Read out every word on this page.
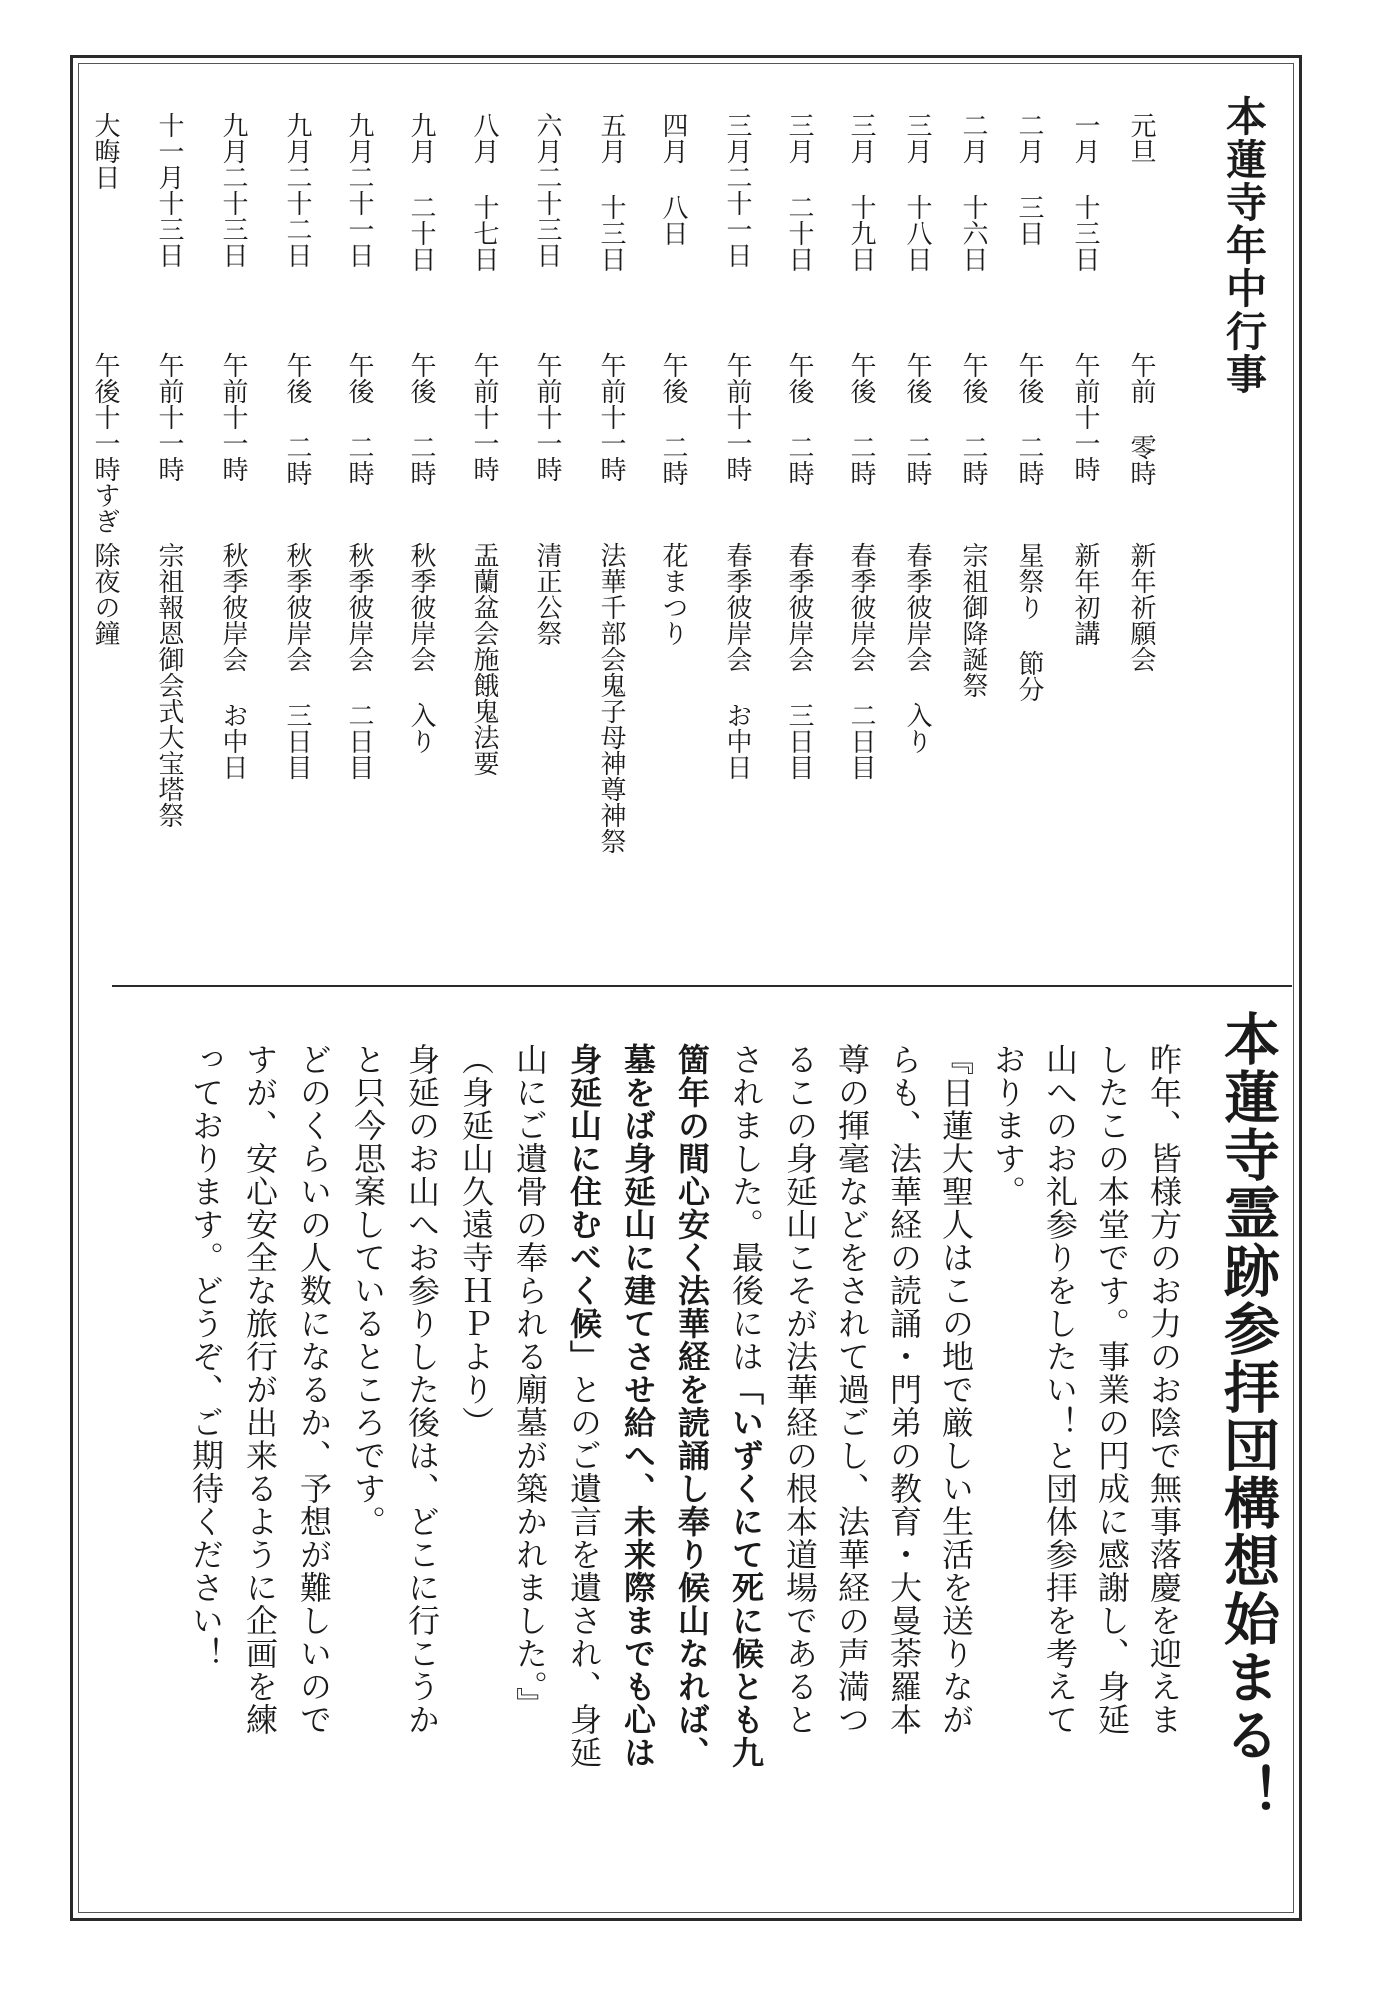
本蓮寺年中行事
元旦
午前 零時
新年祈願会
一月 十三日
午前十一時
新年初講
二月 三日
午後 二時
星祭り 節分
二月 十六日
午後 二時
宗祖御降誕祭
三月 十八日
午後 二時
春季彼岸会 入り
三月 十九日
午後 二時
春季彼岸会 二日目
三月 二十日
午後 二時
春季彼岸会 三日目
三月二十一日
午前十一時
春季彼岸会 お中日
四月 八日
午後 二時
花まつり
五月 十三日
午前十一時
法華千部会鬼子母神尊神祭
六月二十三日
午前十一時
清正公祭
八月 十七日
午前十一時
盂蘭盆会施餓鬼法要
九月 二十日
午後 二時
秋季彼岸会 入り
九月二十一日
午後 二時
秋季彼岸会 二日目
九月二十二日
午後 二時
秋季彼岸会 三日目
九月二十三日
午前十一時
秋季彼岸会 お中日
十一月十三日
午前十一時
宗祖報恩御会式大宝塔祭
大晦日
午後十一時すぎ
除夜の鐘
本蓮寺霊跡参拝団構想始まる！

昨年、皆様方のお力のお陰で無事落慶を迎えま

したこの本堂です。事業の円成に感謝し、身延

山へのお礼参りをしたい！と団体参拝を考えて

おります。

『日蓮大聖人はこの地で厳しい生活を送りなが

らも、法華経の読誦・門弟の教育・大曼荼羅本

尊の揮毫などをされて過ごし、法華経の声満つ

るこの身延山こそが法華経の根本道場であると

されました。最後には「いずくにて死に候とも九

箇年の間心安く法華経を読誦し奉り候山なれば、

墓をば身延山に建てさせ給へ、未来際までも心は

身延山に住むべく候」とのご遺言を遺され、身延

山にご遺骨の奉られる廟墓が築かれました。』

（身延山久遠寺ＨＰより）

身延のお山へお参りした後は、どこに行こうか

と只今思案しているところです。

どのくらいの人数になるか、予想が難しいので

すが、安心安全な旅行が出来るように企画を練

っております。どうぞ、ご期待ください！
